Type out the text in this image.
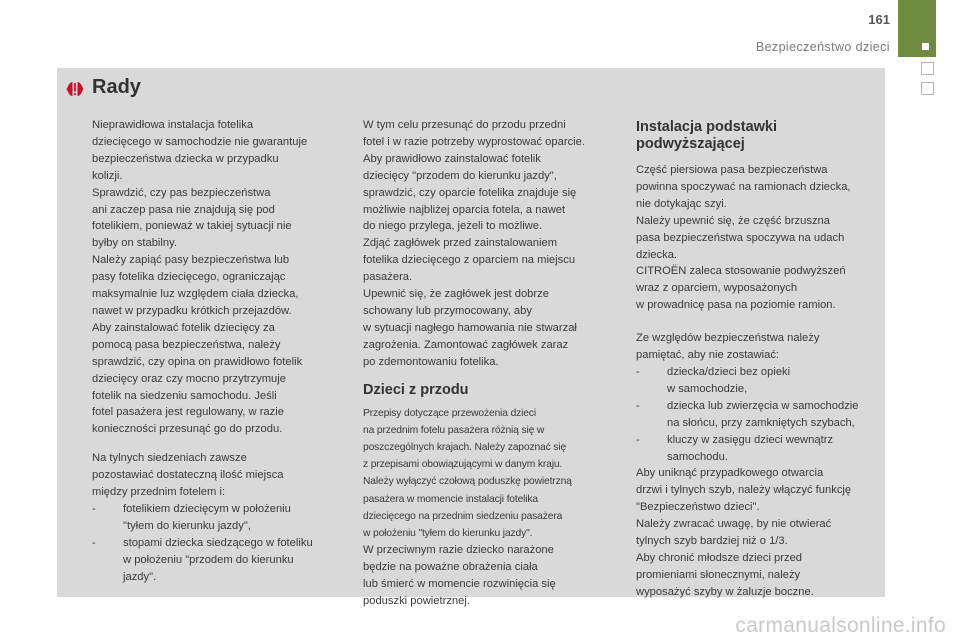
161
Bezpieczeństwo dzieci
Rady

Nieprawidłowa instalacja fotelika
dziecięcego w samochodzie nie gwarantuje
bezpieczeństwa dziecka w przypadku
kolizji.
Sprawdzić, czy pas bezpieczeństwa
ani zaczep pasa nie znajdują się pod
fotelikiem, ponieważ w takiej sytuacji nie
byłby on stabilny.
Należy zapiąć pasy bezpieczeństwa lub
pasy fotelika dziecięcego, ograniczając
maksymalnie luz względem ciała dziecka,
nawet w przypadku krótkich przejazdów.
Aby zainstalować fotelik dziecięcy za
pomocą pasa bezpieczeństwa, należy
sprawdzić, czy opina on prawidłowo fotelik
dziecięcy oraz czy mocno przytrzymuje
fotelik na siedzeniu samochodu. Jeśli
fotel pasażera jest regulowany, w razie
konieczności przesunąć go do przodu.

Na tylnych siedzeniach zawsze
pozostawiać dostateczną ilość miejsca
między przednim fotelem i:

- fotelikiem dziecięcym w położeniu
"tyłem do kierunku jazdy",
- stopami dziecka siedzącego w foteliku
w położeniu "przodem do kierunku
jazdy".

W tym celu przesunąć do przodu przedni
fotel i w razie potrzeby wyprostować oparcie.
Aby prawidłowo zainstalować fotelik
dziecięcy "przodem do kierunku jazdy",
sprawdzić, czy oparcie fotelika znajduje się
możliwie najbliżej oparcia fotela, a nawet
do niego przylega, jeżeli to możliwe.
Zdjąć zagłówek przed zainstalowaniem
fotelika dziecięcego z oparciem na miejscu
pasażera.
Upewnić się, że zagłówek jest dobrze
schowany lub przymocowany, aby
w sytuacji nagłego hamowania nie stwarzał
zagrożenia. Zamontować zagłówek zaraz
po zdemontowaniu fotelika.

Dzieci z przodu

Przepisy dotyczące przewożenia dzieci
na przednim fotelu pasażera różnią się w
poszczególnych krajach. Należy zapoznać się
z przepisami obowiązującymi w danym kraju.
Należy wyłączyć czołową poduszkę powietrzną
pasażera w momencie instalacji fotelika
dziecięcego na przednim siedzeniu pasażera
w położeniu "tyłem do kierunku jazdy".

W przeciwnym razie dziecko narażone
będzie na poważne obrażenia ciała
lub śmierć w momencie rozwinięcia się
poduszki powietrznej.

Instalacja podstawki
podwyższającej

Część piersiowa pasa bezpieczeństwa
powinna spoczywać na ramionach dziecka,
nie dotykając szyi.
Należy upewnić się, że część brzuszna
pasa bezpieczeństwa spoczywa na udach
dziecka.
CITROËN zaleca stosowanie podwyższeń
wraz z oparciem, wyposażonych
w prowadnicę pasa na poziomie ramion.

Ze względów bezpieczeństwa należy
pamiętać, aby nie zostawiać:

- dziecka/dzieci bez opieki
w samochodzie,
- dziecka lub zwierzęcia w samochodzie
na słońcu, przy zamkniętych szybach,
- kluczy w zasięgu dzieci wewnątrz
samochodu.

Aby uniknąć przypadkowego otwarcia
drzwi i tylnych szyb, należy włączyć funkcję
"Bezpieczeństwo dzieci".
Należy zwracać uwagę, by nie otwierać
tylnych szyb bardziej niż o 1/3.
Aby chronić młodsze dzieci przed
promieniami słonecznymi, należy
wyposażyć szyby w żaluzje boczne.

carmanualsonline.info
